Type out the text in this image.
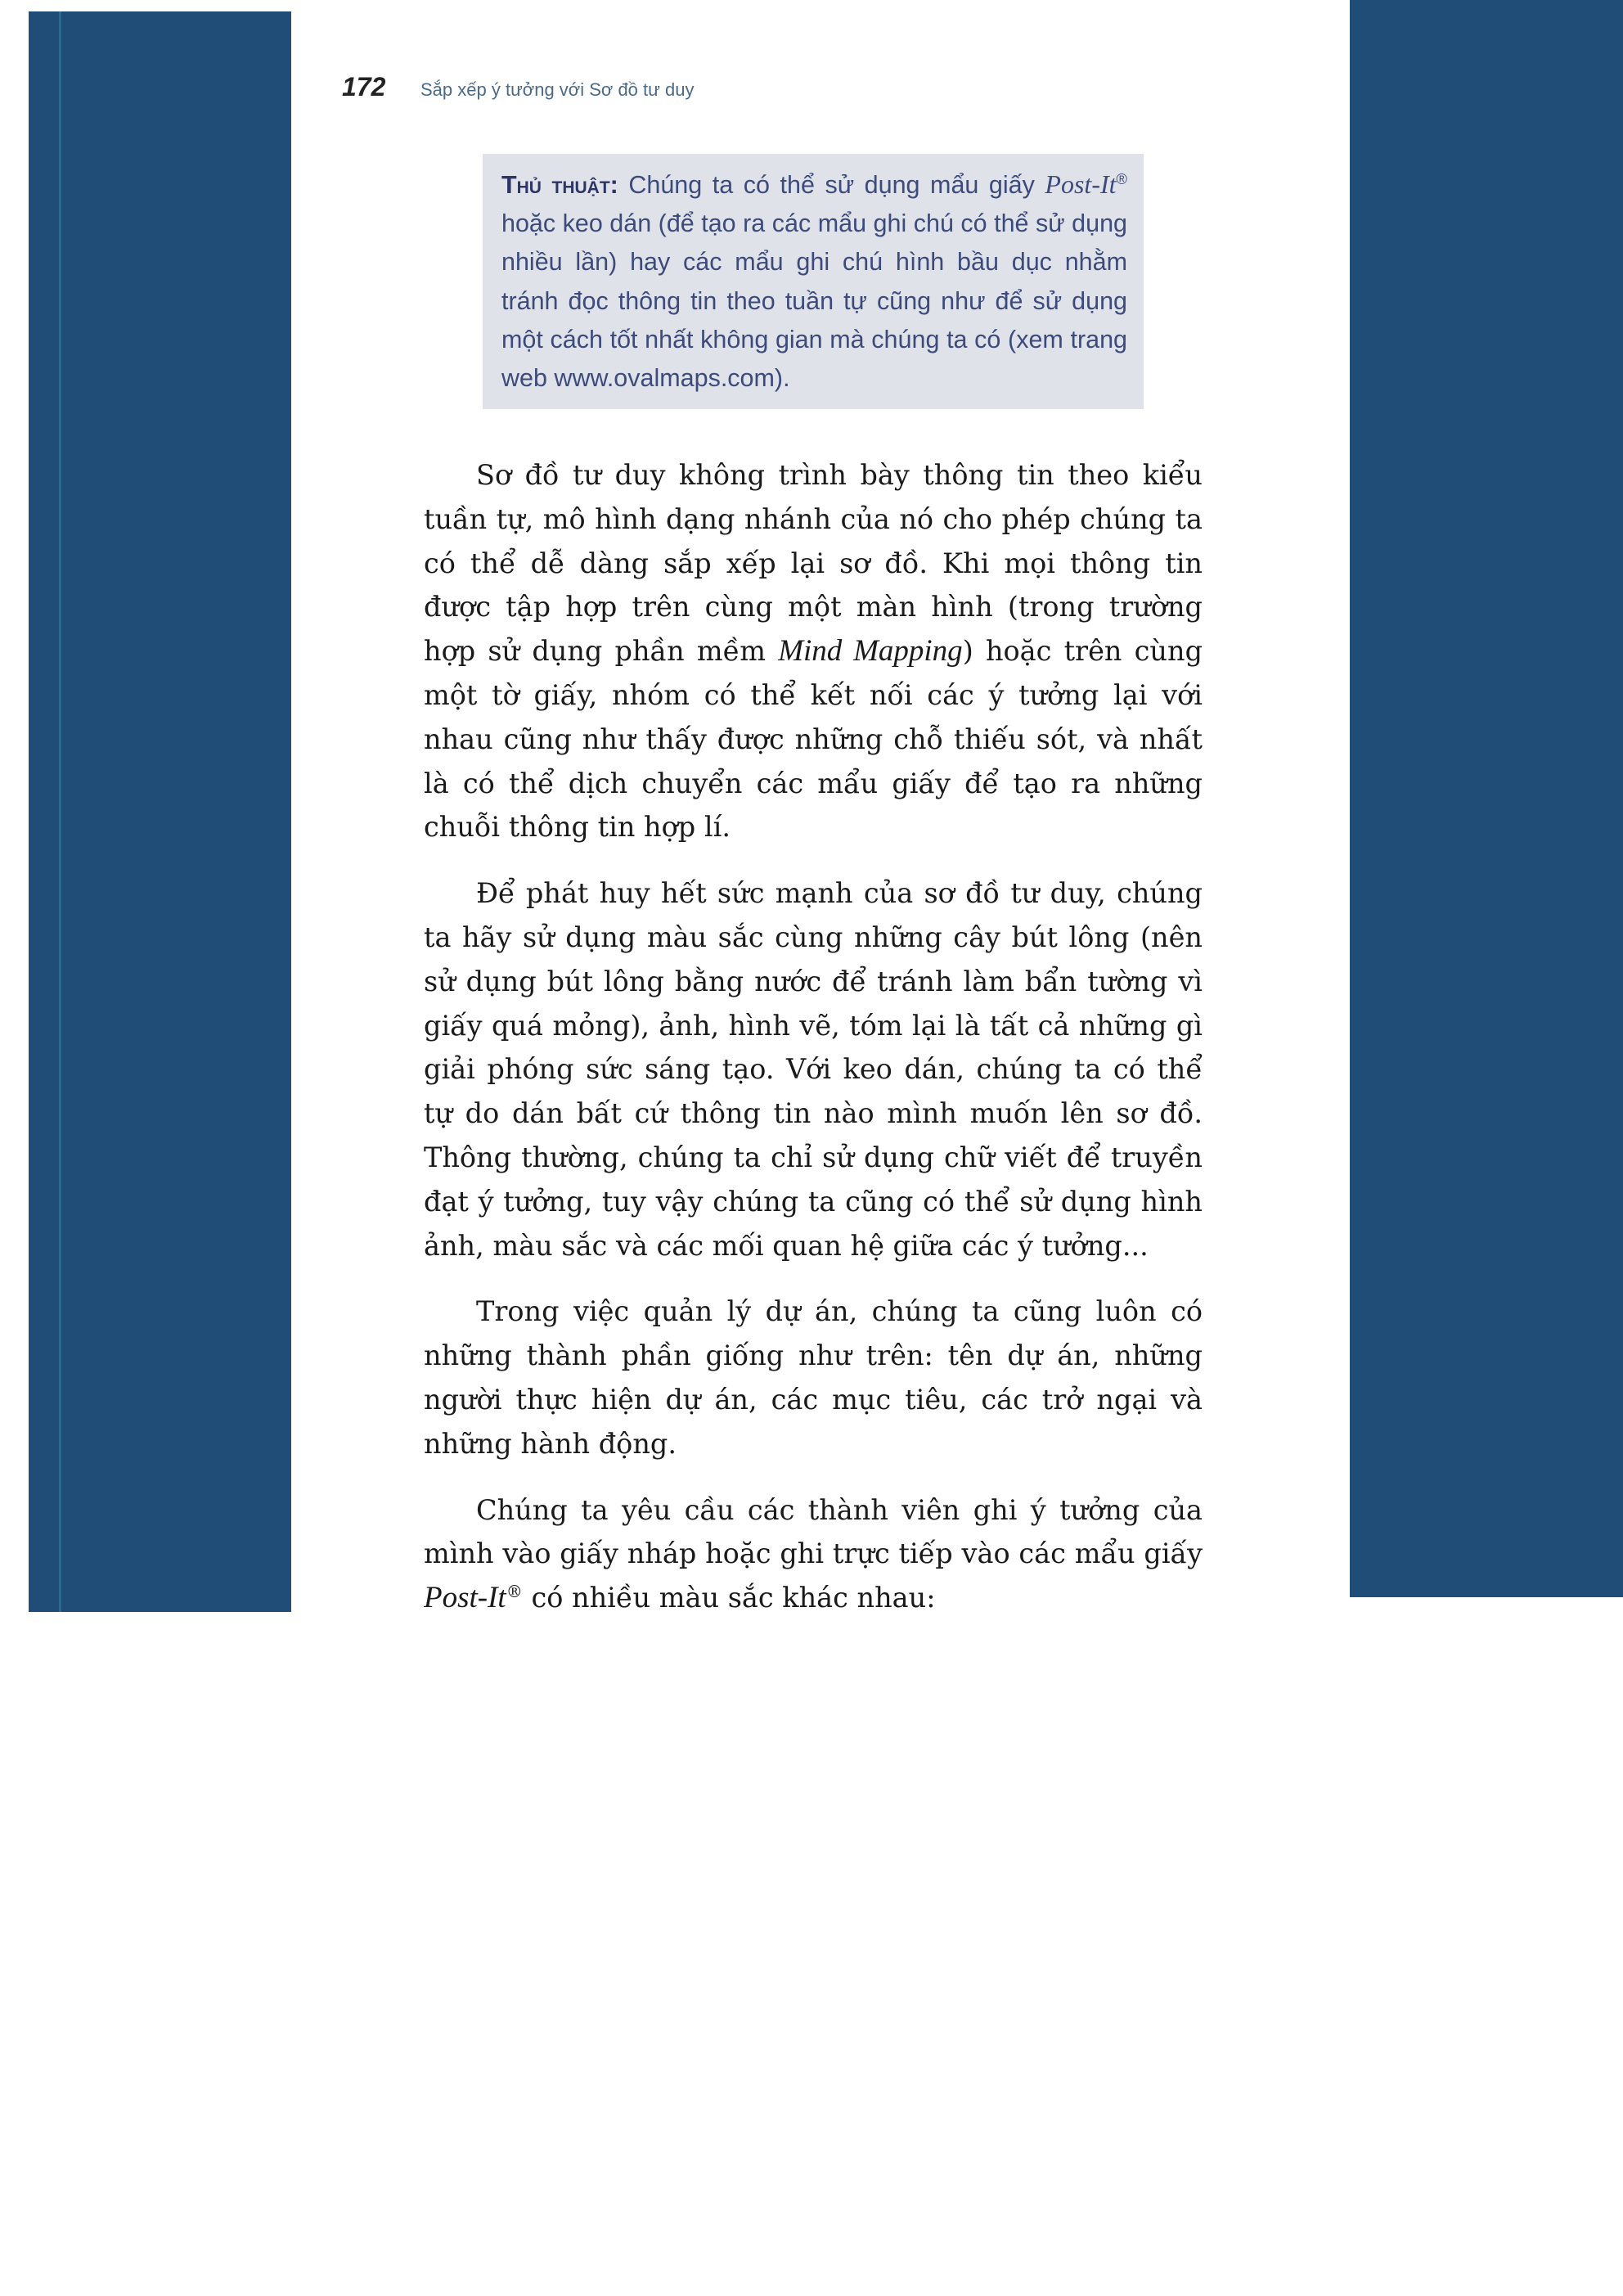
172 Sắp xếp ý tưởng với Sơ đồ tư duy
Thủ thuật: Chúng ta có thể sử dụng mẩu giấy Post-It® hoặc keo dán (để tạo ra các mẩu ghi chú có thể sử dụng nhiều lần) hay các mẩu ghi chú hình bầu dục nhằm tránh đọc thông tin theo tuần tự cũng như để sử dụng một cách tốt nhất không gian mà chúng ta có (xem trang web www.ovalmaps.com).

Sơ đồ tư duy không trình bày thông tin theo kiểu tuần tự, mô hình dạng nhánh của nó cho phép chúng ta có thể dễ dàng sắp xếp lại sơ đồ. Khi mọi thông tin được tập hợp trên cùng một màn hình (trong trường hợp sử dụng phần mềm Mind Mapping) hoặc trên cùng một tờ giấy, nhóm có thể kết nối các ý tưởng lại với nhau cũng như thấy được những chỗ thiếu sót, và nhất là có thể dịch chuyển các mẩu giấy để tạo ra những chuỗi thông tin hợp lí.

Để phát huy hết sức mạnh của sơ đồ tư duy, chúng ta hãy sử dụng màu sắc cùng những cây bút lông (nên sử dụng bút lông bằng nước để tránh làm bẩn tường vì giấy quá mỏng), ảnh, hình vẽ, tóm lại là tất cả những gì giải phóng sức sáng tạo. Với keo dán, chúng ta có thể tự do dán bất cứ thông tin nào mình muốn lên sơ đồ. Thông thường, chúng ta chỉ sử dụng chữ viết để truyền đạt ý tưởng, tuy vậy chúng ta cũng có thể sử dụng hình ảnh, màu sắc và các mối quan hệ giữa các ý tưởng...

Trong việc quản lý dự án, chúng ta cũng luôn có những thành phần giống như trên: tên dự án, những người thực hiện dự án, các mục tiêu, các trở ngại và những hành động.

Chúng ta yêu cầu các thành viên ghi ý tưởng của mình vào giấy nháp hoặc ghi trực tiếp vào các mẩu giấy Post-It® có nhiều màu sắc khác nhau:
